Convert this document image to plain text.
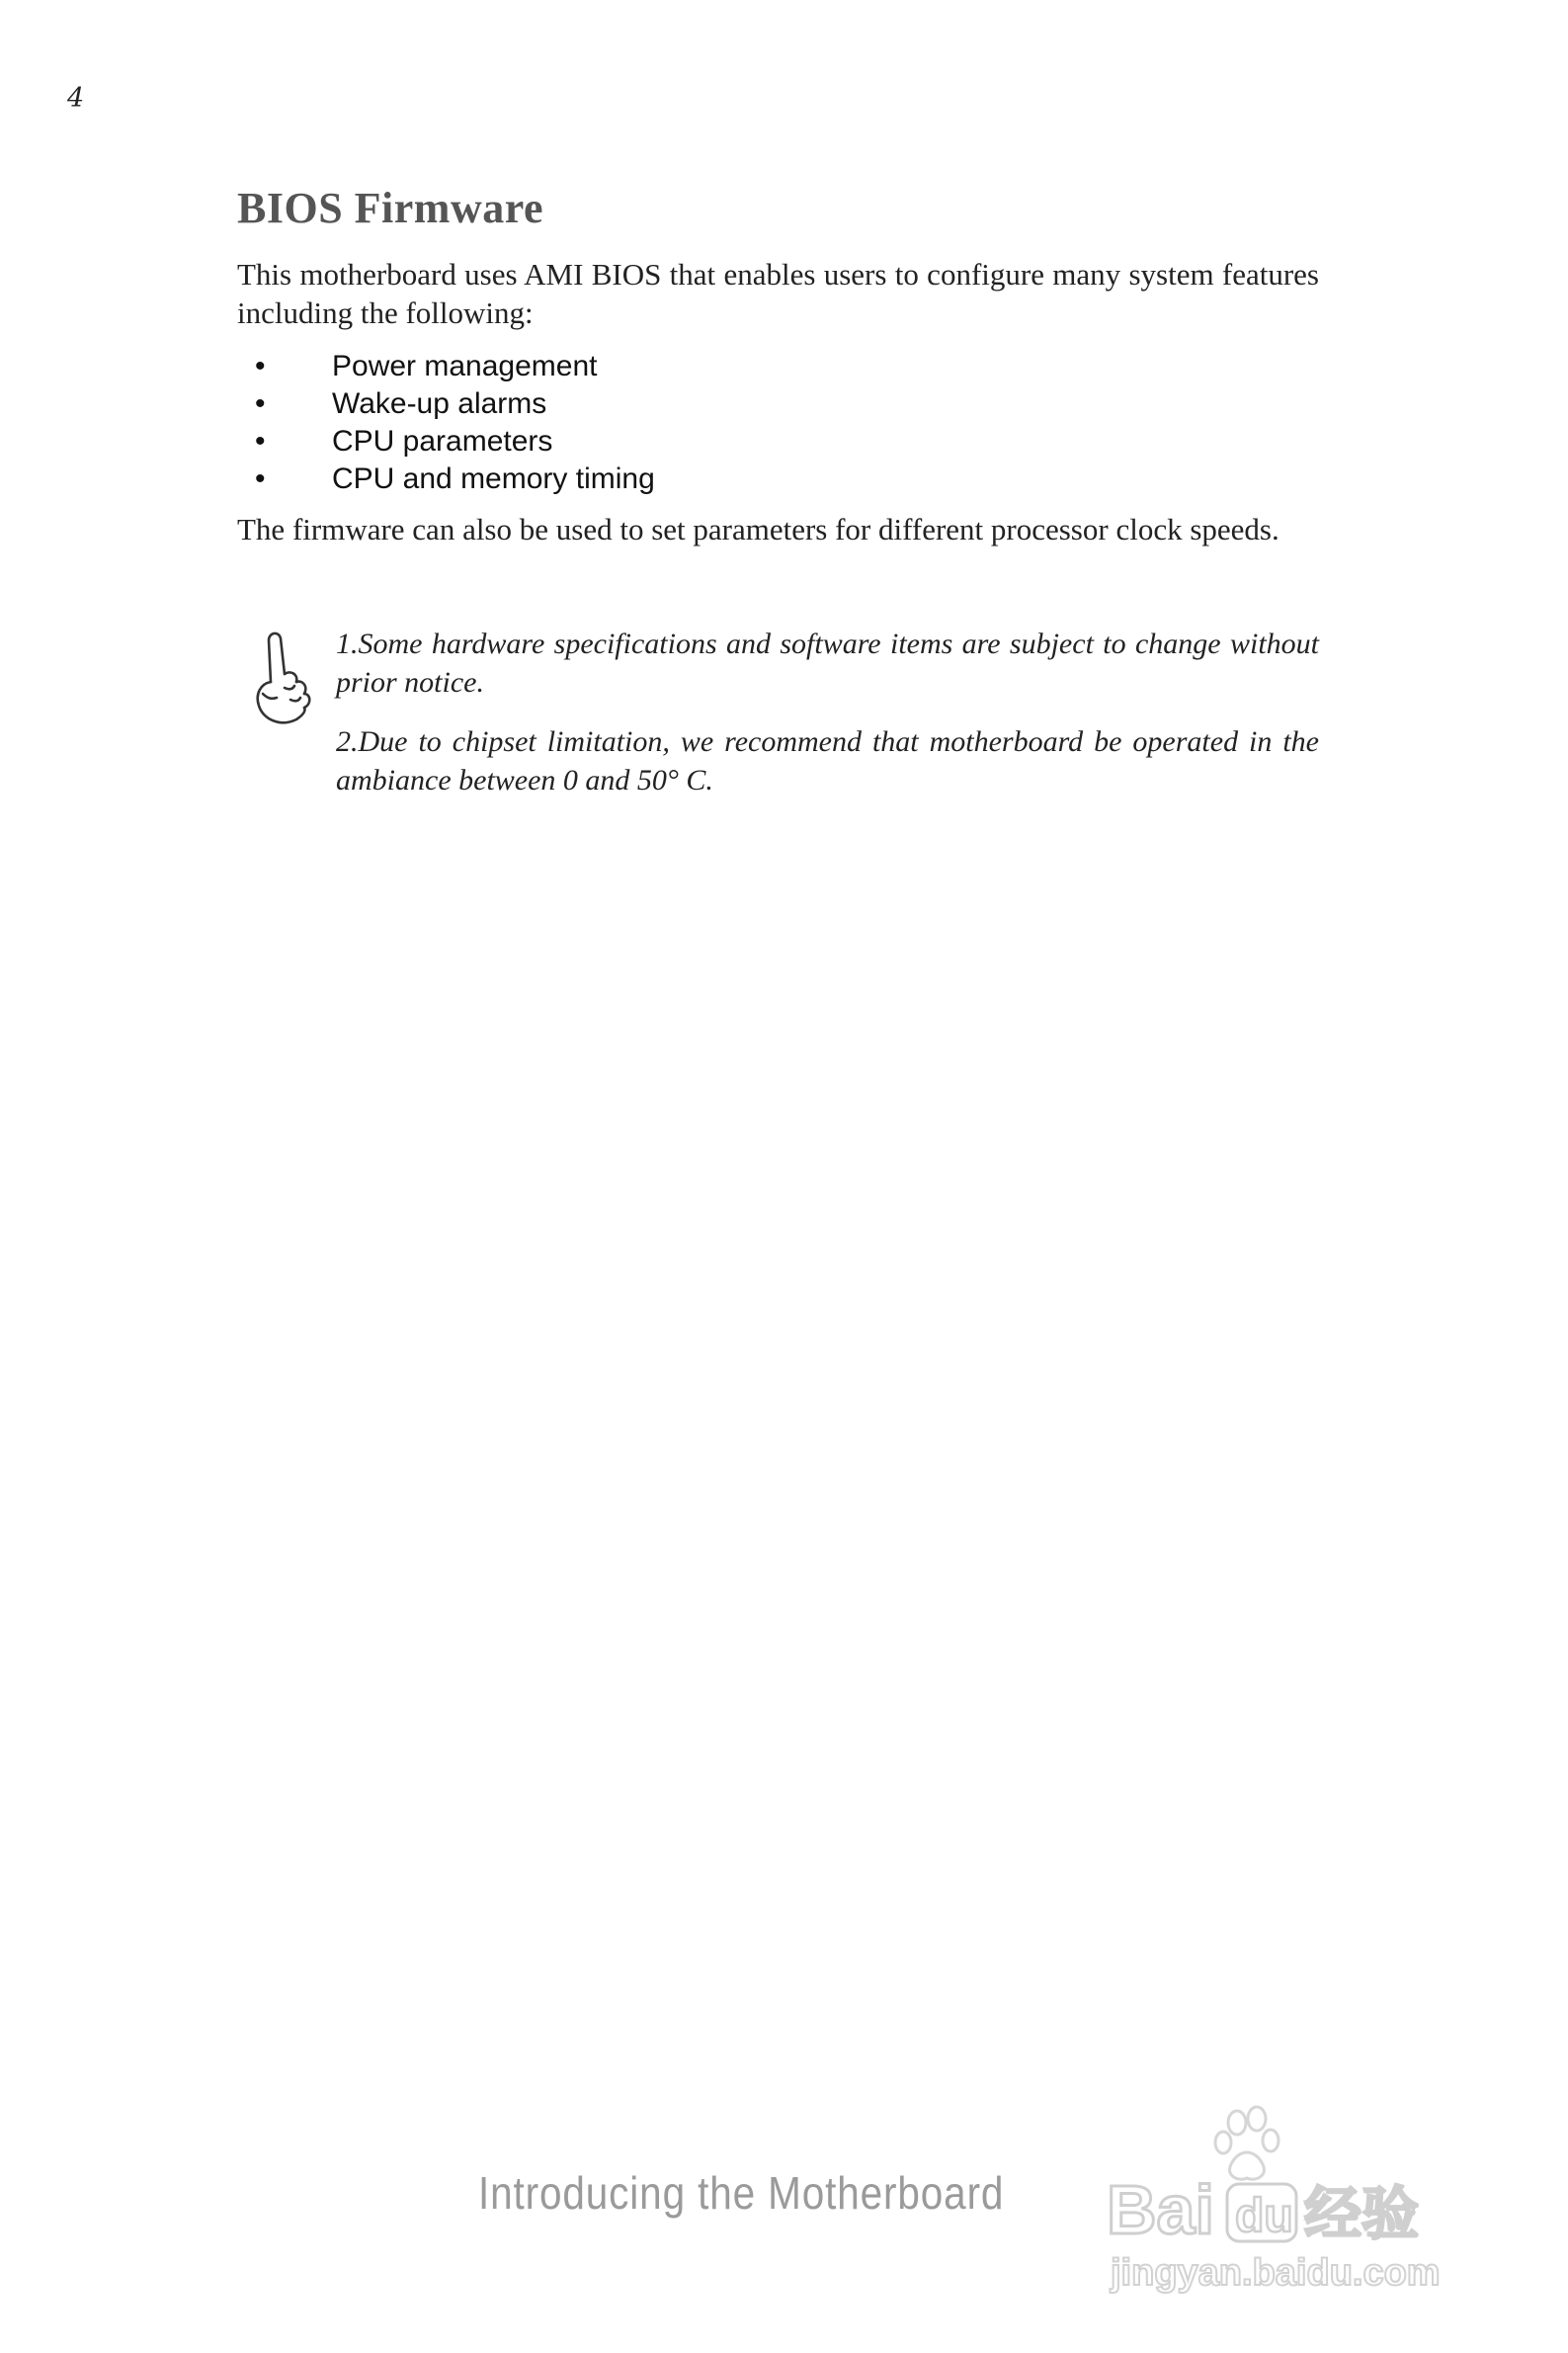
4
BIOS Firmware

This motherboard uses AMI BIOS that enables users to configure many system features including the following:

• Power management
• Wake-up alarms
• CPU parameters
• CPU and memory timing

The firmware can also be used to set parameters for different processor clock speeds.

1.Some hardware specifications and software items are subject to change without prior notice.

2.Due to chipset limitation, we recommend that motherboard be operated in the ambiance between 0 and 50° C.

Introducing the Motherboard Bai du 经验
jingyan.baidu.com
